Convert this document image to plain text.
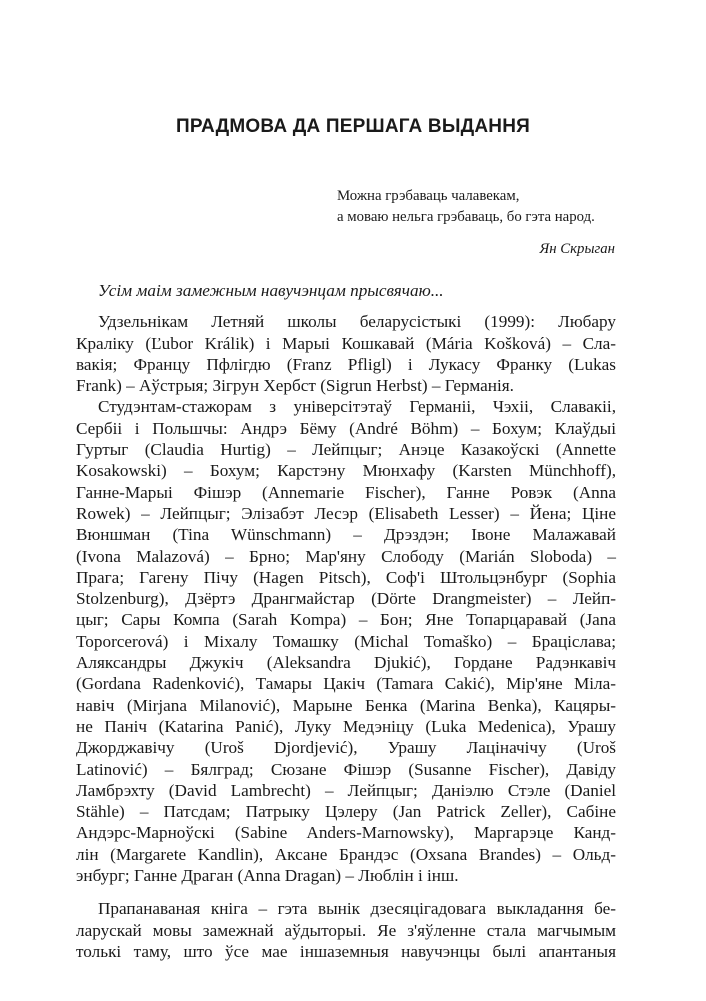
ПРАДМОВА ДА ПЕРШАГА ВЫДАННЯ
Можна грэбаваць чалавекам,
а моваю нельга грэбаваць, бо гэта народ.
Ян Скрыган

Усім маім замежным навучэнцам прысвячаю...

Удзельнікам Летняй школы беларусістыкі (1999): Любару
Краліку (Ľubor Králik) і Марыі Кошкавай (Mária Košková) – Сла-
вакія; Францу Пфлігдю (Franz Pfligl) і Лукасу Франку (Lukas
Frank) – Аўстрыя; Зігрун Хербст (Sigrun Herbst) – Германія.
Студэнтам-стажорам з універсітэтаў Германіі, Чэхіі, Славакіі,
Сербіі і Польшчы: Андрэ Бёму (André Böhm) – Бохум; Клаўдыі
Гуртыг (Claudia Hurtig) – Лейпцыг; Анэце Казакоўскі (Annette
Kosakowski) – Бохум; Карстэну Мюнхафу (Karsten Münchhoff),
Ганне-Марыі Фішэр (Annemarie Fischer), Ганне Ровэк (Anna
Rowek) – Лейпцыг; Элізабэт Лесэр (Elisabeth Lesser) – Йена; Ціне
Вюншман (Tina Wünschmann) – Дрэздэн; Івоне Малажавай
(Ivona Malazová) – Брно; Мар'яну Слободу (Marián Sloboda) –
Прага; Гагену Пічу (Hagen Pitsch), Соф'і Штольцэнбург (Sophia
Stolzenburg), Дзёртэ Дрангмайстар (Dörte Drangmeister) – Лейп-
цыг; Сары Компа (Sarah Kompa) – Бон; Яне Топарцаравай (Jana
Toporcerová) і Міхалу Томашку (Michal Tomaško) – Брацiслава;
Аляксандры Джукіч (Aleksandra Djukić), Гордане Радэнкавіч
(Gordana Radenković), Тамары Цакіч (Tamara Cakić), Мір'яне Міла-
навіч (Mirjana Milanović), Марыне Бенка (Marina Benka), Кацяры-
не Паніч (Katarina Panić), Луку Медэніцу (Luka Medenica), Урашу
Джорджавічу (Uroš Djordjević), Урашу Лаціначічу (Uroš
Latinović) – Бялград; Сюзане Фішэр (Susanne Fischer), Давіду
Ламбрэхту (David Lambrecht) – Лейпцыг; Даніэлю Стэле (Daniel
Stähle) – Патсдам; Патрыку Цэлеру (Jan Patrick Zeller), Сабіне
Андэрс-Марноўскі (Sabine Anders-Marnowsky), Маргарэце Канд-
лін (Margarete Kandlin), Аксане Брандэс (Oxsana Brandes) – Ольд-
энбург; Ганне Драган (Anna Dragan) – Люблін і інш.
Прапанаваная кніга – гэта вынік дзесяцігадовага выкладання бе-
ларускай мовы замежнай аўдыторыі. Яе з'яўленне стала магчымым
толькі таму, што ўсе мае іншаземныя навучэнцы былі апантаныя
